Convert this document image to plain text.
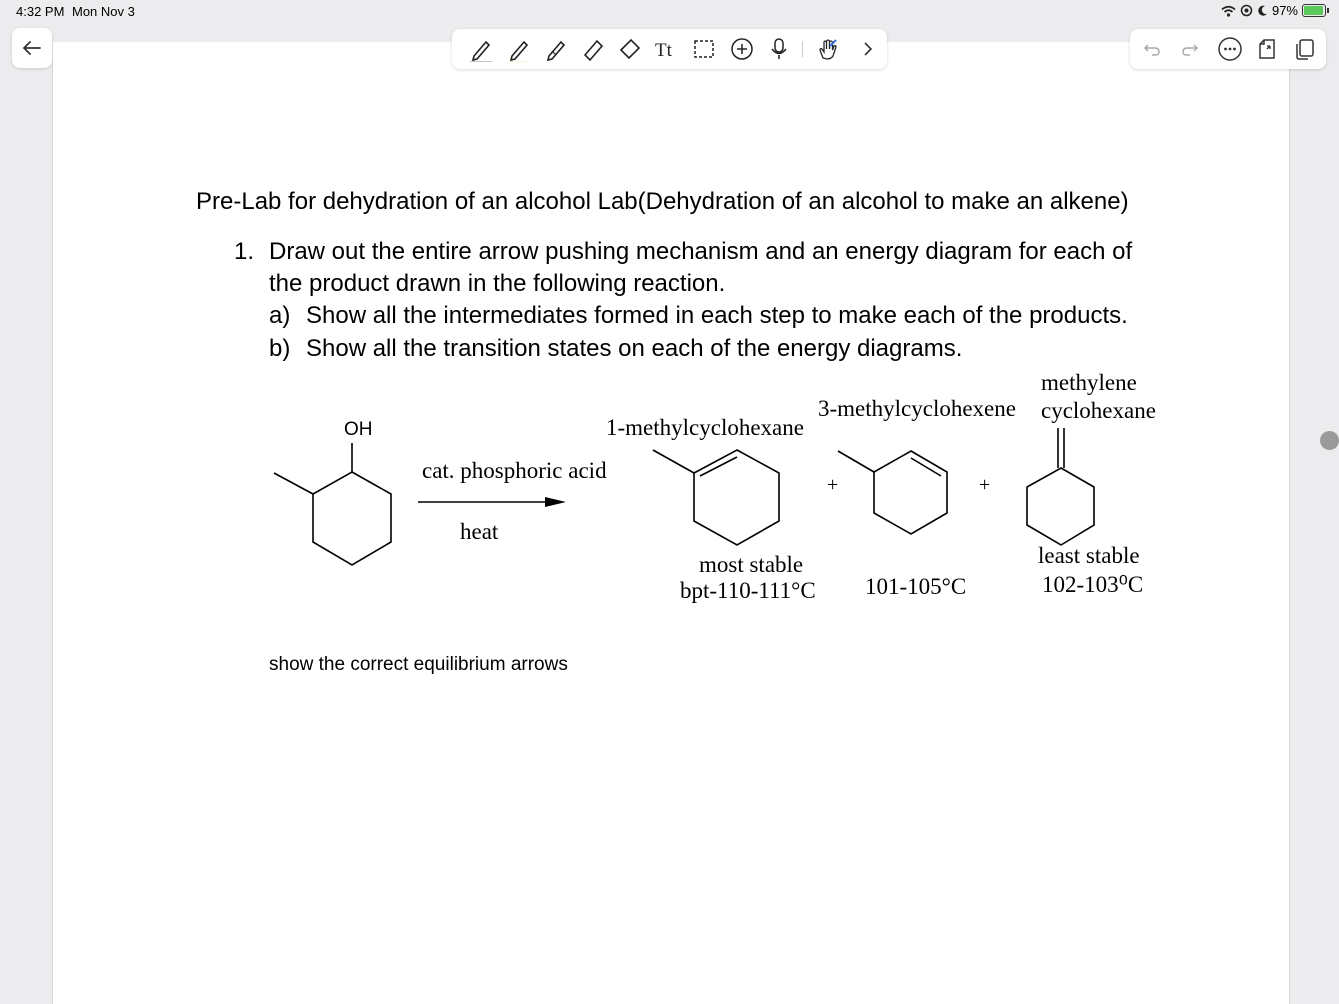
4:32 PM Mon Nov 3	97%
Tt
Pre-Lab for dehydration of an alcohol Lab(Dehydration of an alcohol to make an alkene)
1. Draw out the entire arrow pushing mechanism and an energy diagram for each of
the product drawn in the following reaction.
a) Show all the intermediates formed in each step to make each of the products.
b) Show all the transition states on each of the energy diagrams.
OH
cat. phosphoric acid
heat
1-methylcyclohexane
+
3-methylcyclohexene
+
methylene
cyclohexane
most stable
bpt-110-111°C 101-105°C
least stable
102-103⁰C
show the correct equilibrium arrows
